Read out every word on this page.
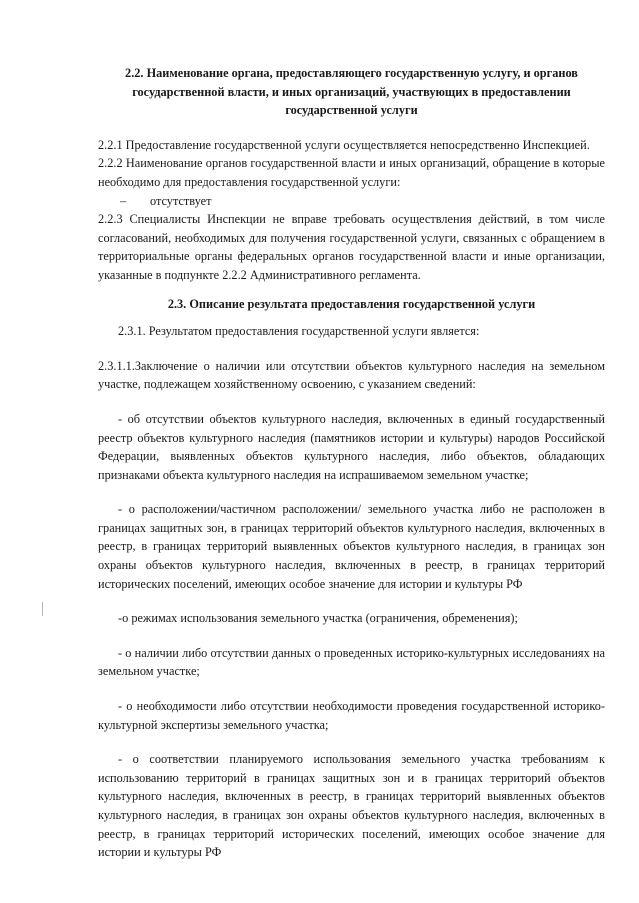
2.2. Наименование органа, предоставляющего государственную услугу, и органов государственной власти, и иных организаций, участвующих в предоставлении государственной услуги

2.2.1 Предоставление государственной услуги осуществляется непосредственно Инспекцией.

2.2.2 Наименование органов государственной власти и иных организаций, обращение в которые необходимо для предоставления государственной услуги:

– отсутствует

2.2.3 Специалисты Инспекции не вправе требовать осуществления действий, в том числе согласований, необходимых для получения государственной услуги, связанных с обращением в территориальные органы федеральных органов государственной власти и иные организации, указанные в подпункте 2.2.2 Административного регламента.

2.3. Описание результата предоставления государственной услуги

2.3.1. Результатом предоставления государственной услуги является:

2.3.1.1.Заключение о наличии или отсутствии объектов культурного наследия на земельном участке, подлежащем хозяйственному освоению, с указанием сведений:

- об отсутствии объектов культурного наследия, включенных в единый государственный реестр объектов культурного наследия (памятников истории и культуры) народов Российской Федерации, выявленных объектов культурного наследия, либо объектов, обладающих признаками объекта культурного наследия на испрашиваемом земельном участке;

- о расположении/частичном расположении/ земельного участка либо не расположен в границах защитных зон, в границах территорий объектов культурного наследия, включенных в реестр, в границах территорий выявленных объектов культурного наследия, в границах зон охраны объектов культурного наследия, включенных в реестр, в границах территорий исторических поселений, имеющих особое значение для истории и культуры РФ

-о режимах использования земельного участка (ограничения, обременения);

- о наличии либо отсутствии данных о проведенных историко-культурных исследованиях на земельном участке;

- о необходимости либо отсутствии необходимости проведения государственной историко-культурной экспертизы земельного участка;

- о соответствии планируемого использования земельного участка требованиям к использованию территорий в границах защитных зон и в границах территорий объектов культурного наследия, включенных в реестр, в границах территорий выявленных объектов культурного наследия, в границах зон охраны объектов культурного наследия, включенных в реестр, в границах территорий исторических поселений, имеющих особое значение для истории и культуры РФ
